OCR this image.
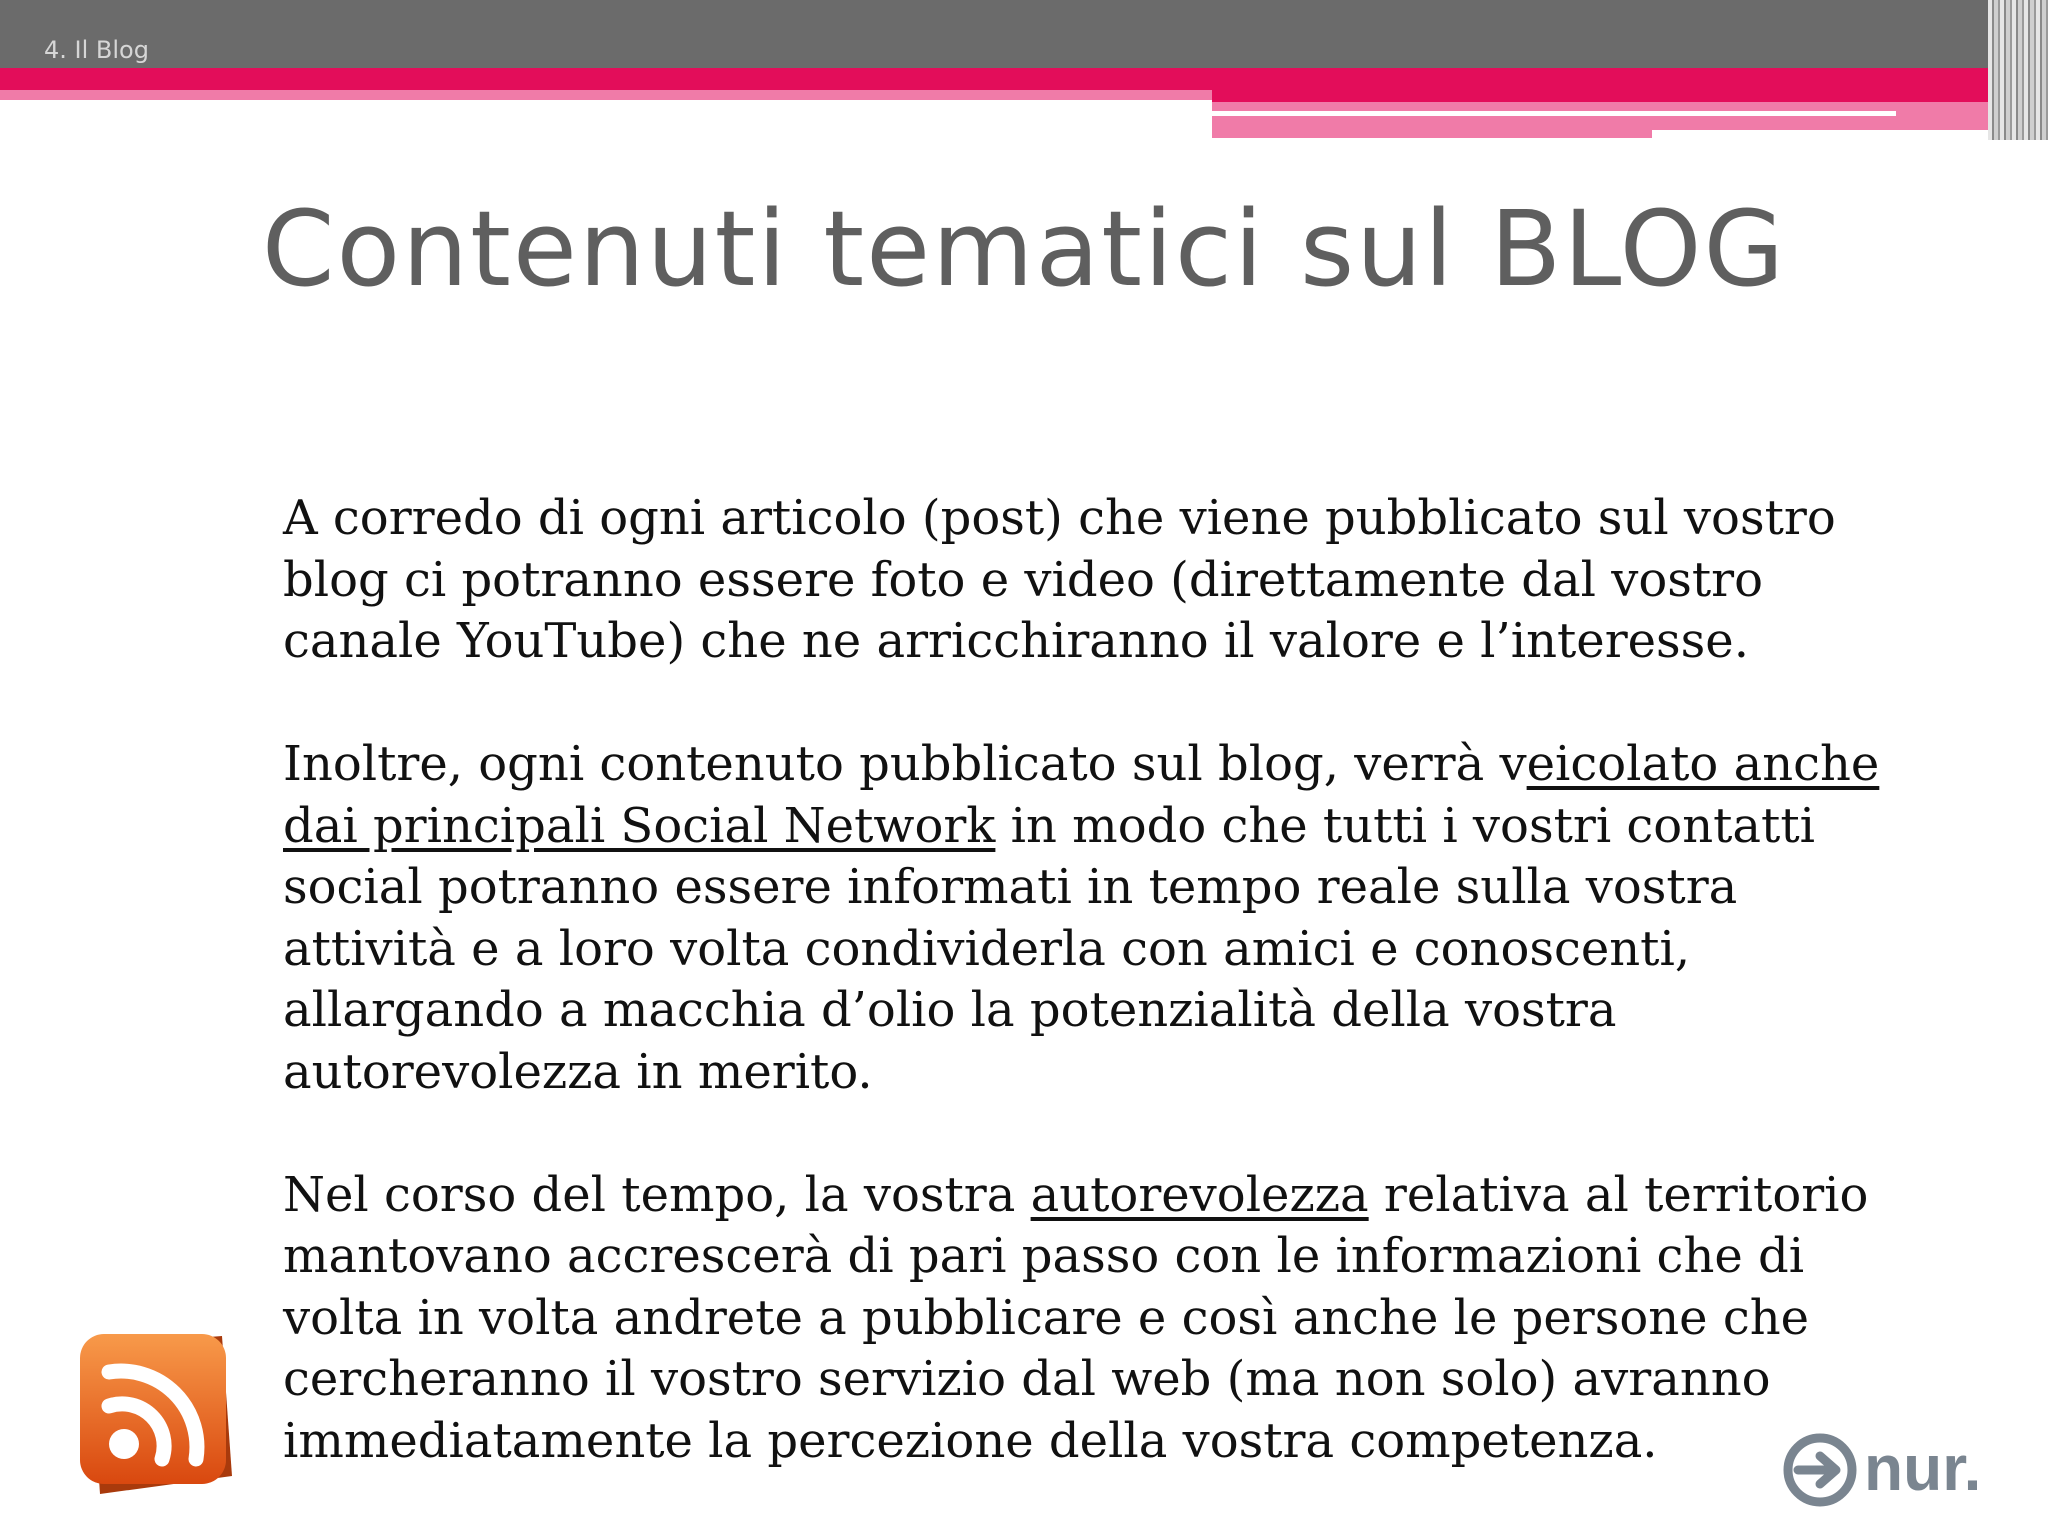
4. Il Blog
Contenuti tematici sul BLOG

A corredo di ogni articolo (post) che viene pubblicato sul vostro blog ci potranno essere foto e video (direttamente dal vostro canale YouTube) che ne arricchiranno il valore e l’interesse.

Inoltre, ogni contenuto pubblicato sul blog, verrà veicolato anche dai principali Social Network in modo che tutti i vostri contatti social potranno essere informati in tempo reale sulla vostra attività e a loro volta condividerla con amici e conoscenti, allargando a macchia d’olio la potenzialità della vostra autorevolezza in merito.

Nel corso del tempo, la vostra autorevolezza relativa al territorio mantovano accrescerà di pari passo con le informazioni che di volta in volta andrete a pubblicare e così anche le persone che cercheranno il vostro servizio dal web (ma non solo) avranno immediatamente la percezione della vostra competenza.	nur.
